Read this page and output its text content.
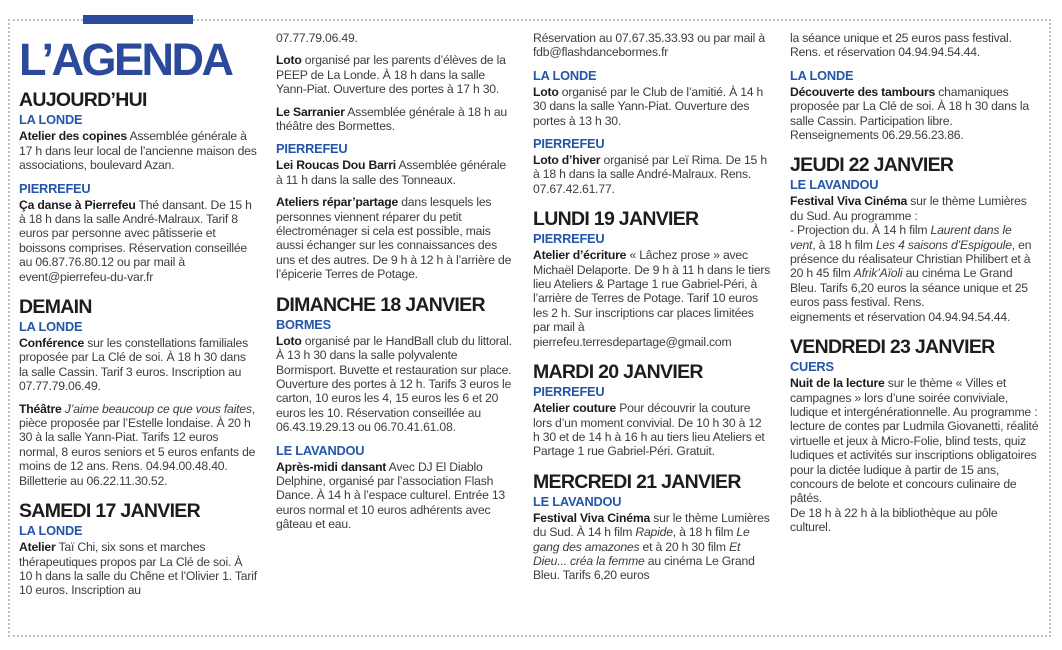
L’AGENDA
AUJOURD’HUI
LA LONDE

Atelier des copines Assemblée générale à 17 h dans leur local de l’ancienne maison des associations, boulevard Azan.

PIERREFEU

Ça danse à Pierrefeu Thé dansant. De 15 h à 18 h dans la salle André-Malraux. Tarif 8 euros par personne avec pâtisserie et boissons comprises. Réservation conseillée au 06.87.76.80.12 ou par mail à event@pierrefeu-du-var.fr

DEMAIN
LA LONDE

Conférence sur les constellations familiales proposée par La Clé de soi. À 18 h 30 dans la salle Cassin. Tarif 3 euros. Inscription au 07.77.79.06.49.

Théâtre J’aime beaucoup ce que vous faites, pièce proposée par l’Estelle londaise. À 20 h 30 à la salle Yann-Piat. Tarifs 12 euros normal, 8 euros seniors et 5 euros enfants de moins de 12 ans. Rens. 04.94.00.48.40. Billetterie au 06.22.11.30.52.

SAMEDI 17 JANVIER
LA LONDE

Atelier Taï Chi, six sons et marches thérapeutiques propos par La Clé de soi. À 10 h dans la salle du Chêne et l’Olivier 1. Tarif 10 euros. Inscription au

07.77.79.06.49.

Loto organisé par les parents d’élèves de la PEEP de La Londe. À 18 h dans la salle Yann-Piat. Ouverture des portes à 17 h 30.

Le Sarranier Assemblée générale à 18 h au théâtre des Bormettes.

PIERREFEU

Lei Roucas Dou Barri Assemblée générale à 11 h dans la salle des Tonneaux.

Ateliers répar’partage dans lesquels les personnes viennent réparer du petit électroménager si cela est possible, mais aussi échanger sur les connaissances des uns et des autres. De 9 h à 12 h à l’arrière de l’épicerie Terres de Potage.

DIMANCHE 18 JANVIER
BORMES

Loto organisé par le HandBall club du littoral. À 13 h 30 dans la salle polyvalente Bormisport. Buvette et restauration sur place. Ouverture des portes à 12 h. Tarifs 3 euros le carton, 10 euros les 4, 15 euros les 6 et 20 euros les 10. Réservation conseillée au 06.43.19.29.13 ou 06.70.41.61.08.

LE LAVANDOU

Après-midi dansant Avec DJ El Diablo Delphine, organisé par l’association Flash Dance. À 14 h à l’espace culturel. Entrée 13 euros normal et 10 euros adhérents avec gâteau et eau.

Réservation au 07.67.35.33.93 ou par mail à fdb@flashdancebormes.fr

LA LONDE

Loto organisé par le Club de l’amitié. À 14 h 30 dans la salle Yann-Piat. Ouverture des portes à 13 h 30.

PIERREFEU

Loto d’hiver organisé par Leï Rima. De 15 h à 18 h dans la salle André-Malraux. Rens. 07.67.42.61.77.

LUNDI 19 JANVIER
PIERREFEU

Atelier d’écriture « Lâchez prose » avec Michaël Delaporte. De 9 h à 11 h dans le tiers lieu Ateliers & Partage 1 rue Gabriel-Péri, à l’arrière de Terres de Potage. Tarif 10 euros les 2 h. Sur inscriptions car places limitées par mail à pierrefeu.terresdepartage@gmail.com

MARDI 20 JANVIER
PIERREFEU

Atelier couture Pour découvrir la couture lors d’un moment convivial. De 10 h 30 à 12 h 30 et de 14 h à 16 h au tiers lieu Ateliers et Partage 1 rue Gabriel-Péri. Gratuit.

MERCREDI 21 JANVIER
LE LAVANDOU

Festival Viva Cinéma sur le thème Lumières du Sud. À 14 h film Rapide, à 18 h film Le gang des amazones et à 20 h 30 film Et Dieu... créa la femme au cinéma Le Grand Bleu. Tarifs 6,20 euros

la séance unique et 25 euros pass festival. Rens. et réservation 04.94.94.54.44.

LA LONDE

Découverte des tambours chamaniques proposée par La Clé de soi. À 18 h 30 dans la salle Cassin. Participation libre. Renseignements 06.29.56.23.86.

JEUDI 22 JANVIER
LE LAVANDOU

Festival Viva Cinéma sur le thème Lumières du Sud. Au programme :
- Projection du. À 14 h film Laurent dans le vent, à 18 h film Les 4 saisons d’Espigoule, en présence du réalisateur Christian Philibert et à 20 h 45 film Afrik’Aïoli au cinéma Le Grand Bleu. Tarifs 6,20 euros la séance unique et 25 euros pass festival. Rens.
eignements et réservation 04.94.94.54.44.

VENDREDI 23 JANVIER
CUERS

Nuit de la lecture sur le thème « Villes et campagnes » lors d’une soirée conviviale, ludique et intergénérationnelle. Au programme : lecture de contes par Ludmila Giovanetti, réalité virtuelle et jeux à Micro-Folie, blind tests, quiz ludiques et activités sur inscriptions obligatoires pour la dictée ludique à partir de 15 ans, concours de belote et concours culinaire de pâtés.
De 18 h à 22 h à la bibliothèque au pôle culturel.
